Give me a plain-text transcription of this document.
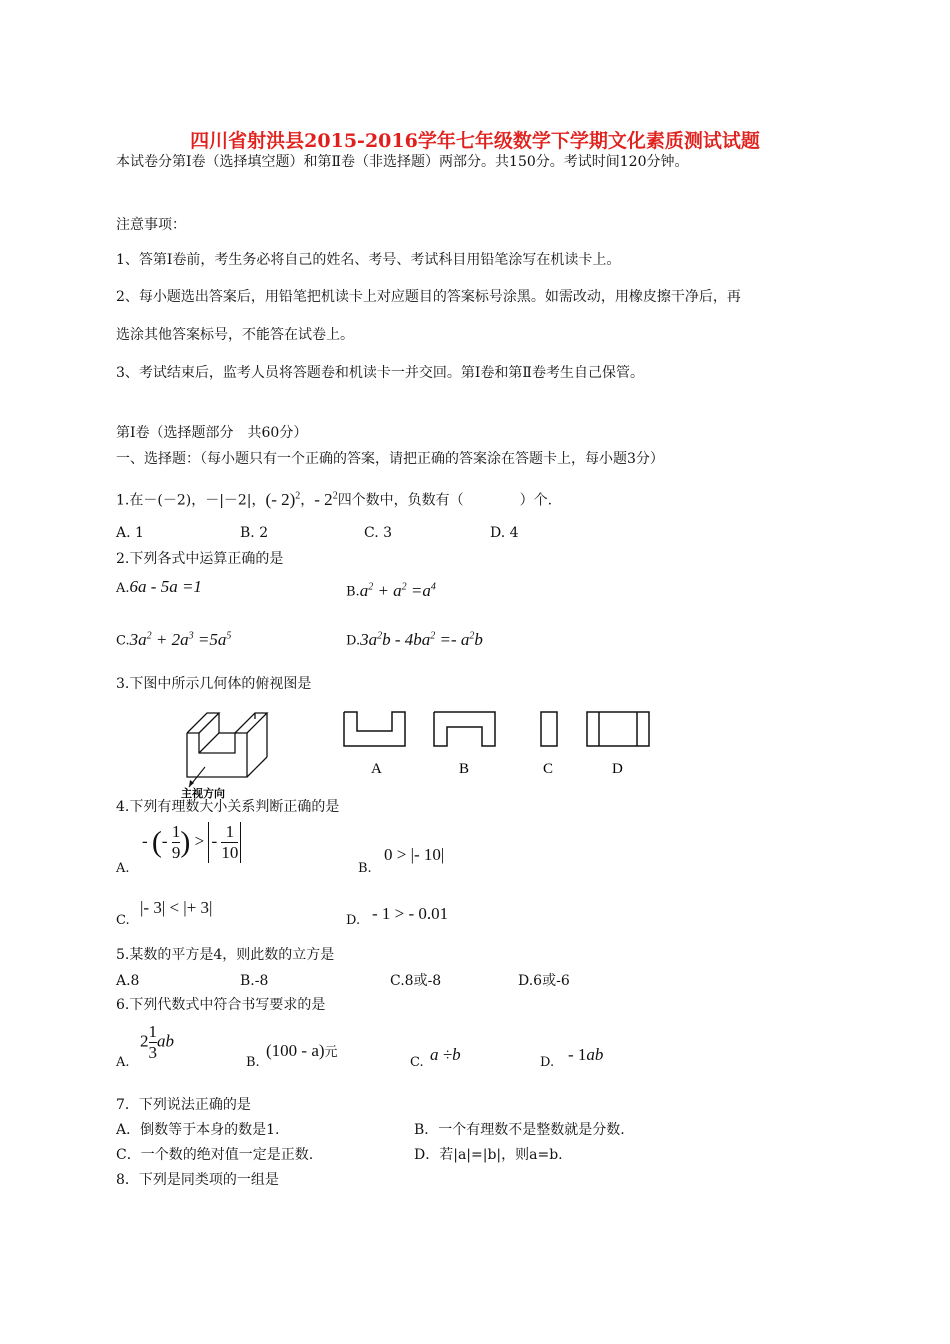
四川省射洪县2015-2016学年七年级数学下学期文化素质测试试题
本试卷分第Ⅰ卷（选择填空题）和第Ⅱ卷（非选择题）两部分。共150分。考试时间120分钟。
注意事项：
1、答第Ⅰ卷前，考生务必将自己的姓名、考号、考试科目用铅笔涂写在机读卡上。
2、每小题选出答案后，用铅笔把机读卡上对应题目的答案标号涂黑。如需改动，用橡皮擦干净后，再
选涂其他答案标号，不能答在试卷上。
3、考试结束后，监考人员将答题卷和机读卡一并交回。第Ⅰ卷和第Ⅱ卷考生自己保管。
第Ⅰ卷（选择题部分　共60分）
一、选择题：（每小题只有一个正确的答案，请把正确的答案涂在答题卡上，每小题3分）
1.在－(－2)，－|－2|，(- 2)$^2$，- $2^2$四个数中，负数有（　　　　）个.
A. 1	B. 2	C. 3	D. 4
2.下列各式中运算正确的是
A.6a - 5a =1	$B.a^2 + a^2 =a^4$
$C.3a^2 + 2a^3 =5a^5$	$D.3a^2b - 4ba^2 =- a^2b$
3.下图中所示几何体的俯视图是
主视方向
A	B	C	D
4.下列有理数大小关系判断正确的是
A.
- (- $\frac{1}{9}$ ) > - $\frac{1}{10}$
B.
0 > |- 10|
C.
|- 3| < |+ 3|
D. - 1 > - 0.01
5.某数的平方是4，则此数的立方是
A.8	B.-8	C.8或-8	D.6或-6
6.下列代数式中符合书写要求的是
A.
$2 \frac{1}{3}$ ab
B.
(100 - a)元
C. a ÷b	D. - 1ab
7．下列说法正确的是
A．倒数等于本身的数是1.	B．一个有理数不是整数就是分数.
C．一个数的绝对值一定是正数.	D．若|a|=|b|，则a=b.
8．下列是同类项的一组是
